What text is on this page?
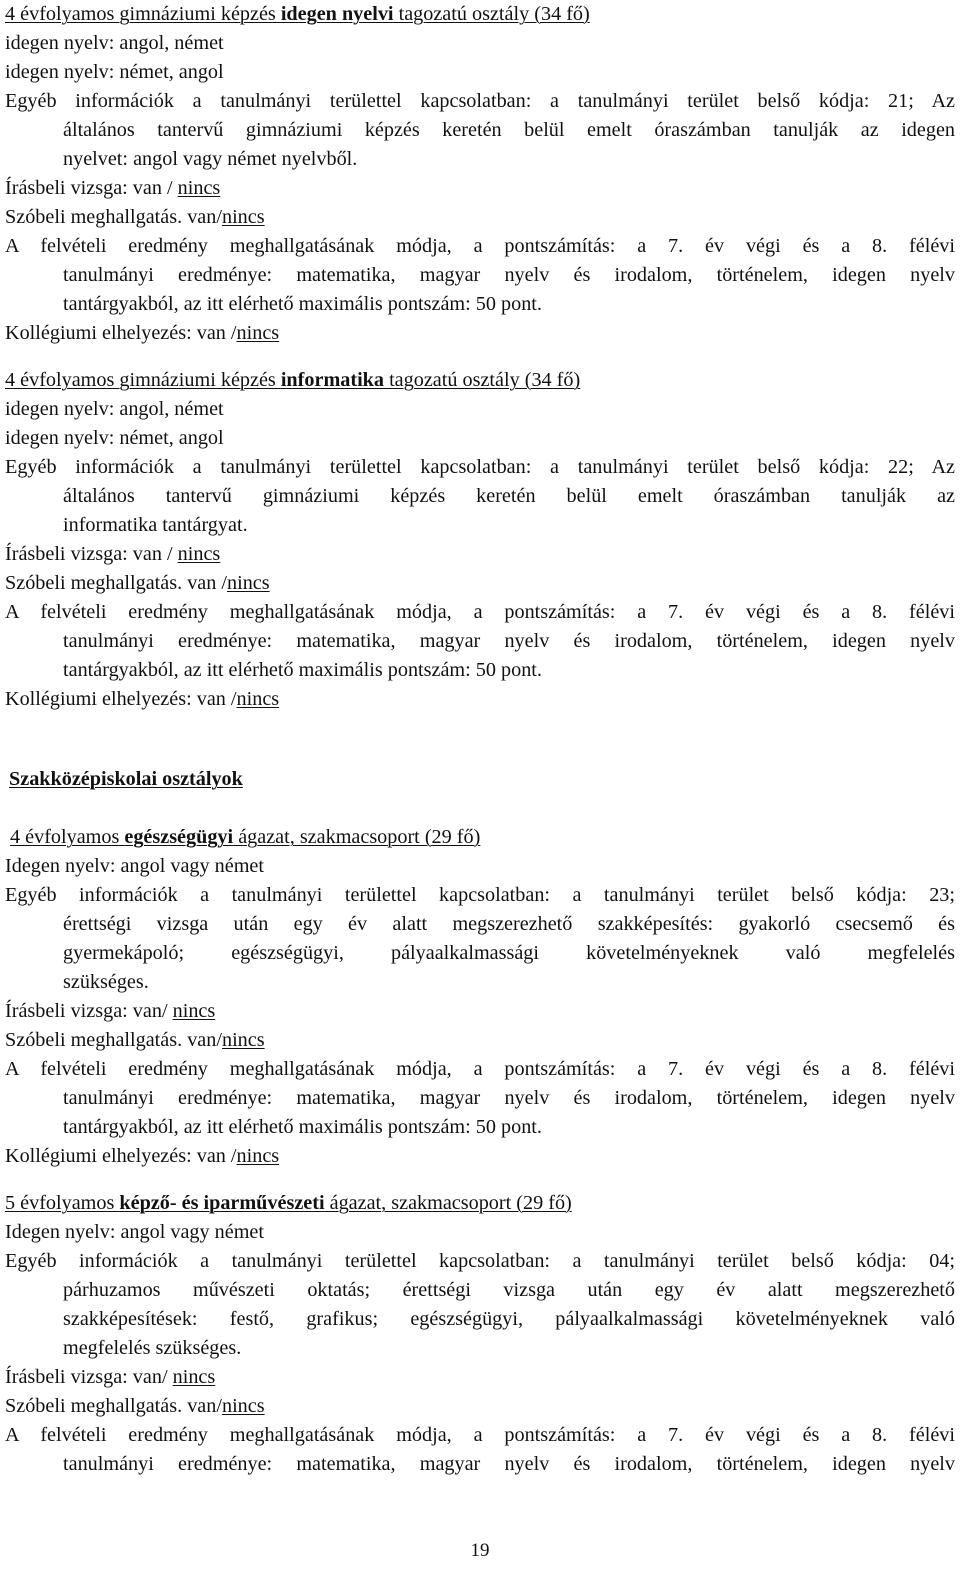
4 évfolyamos gimnáziumi képzés idegen nyelvi tagozatú osztály (34 fő)
idegen nyelv: angol, német
idegen nyelv: német, angol
Egyéb információk a tanulmányi területtel kapcsolatban: a tanulmányi terület belső kódja: 21; Az
általános tantervű gimnáziumi képzés keretén belül emelt óraszámban tanulják az idegen
nyelvet: angol vagy német nyelvből.
Írásbeli vizsga: van / nincs
Szóbeli meghallgatás. van/nincs
A felvételi eredmény meghallgatásának módja, a pontszámítás: a 7. év végi és a 8. félévi
tanulmányi eredménye: matematika, magyar nyelv és irodalom, történelem, idegen nyelv
tantárgyakból, az itt elérhető maximális pontszám: 50 pont.
Kollégiumi elhelyezés: van /nincs
4 évfolyamos gimnáziumi képzés informatika tagozatú osztály (34 fő)
idegen nyelv: angol, német
idegen nyelv: német, angol
Egyéb információk a tanulmányi területtel kapcsolatban: a tanulmányi terület belső kódja: 22; Az
általános tantervű gimnáziumi képzés keretén belül emelt óraszámban tanulják az
informatika tantárgyat.
Írásbeli vizsga: van / nincs
Szóbeli meghallgatás. van /nincs
A felvételi eredmény meghallgatásának módja, a pontszámítás: a 7. év végi és a 8. félévi
tanulmányi eredménye: matematika, magyar nyelv és irodalom, történelem, idegen nyelv
tantárgyakból, az itt elérhető maximális pontszám: 50 pont.
Kollégiumi elhelyezés: van /nincs
Szakközépiskolai osztályok
4 évfolyamos egészségügyi ágazat, szakmacsoport (29 fő)
Idegen nyelv: angol vagy német
Egyéb információk a tanulmányi területtel kapcsolatban: a tanulmányi terület belső kódja: 23;
érettségi vizsga után egy év alatt megszerezhető szakképesítés: gyakorló csecsemő és
gyermekápoló; egészségügyi, pályaalkalmassági követelményeknek való megfelelés
szükséges.
Írásbeli vizsga: van/ nincs
Szóbeli meghallgatás. van/nincs
A felvételi eredmény meghallgatásának módja, a pontszámítás: a 7. év végi és a 8. félévi
tanulmányi eredménye: matematika, magyar nyelv és irodalom, történelem, idegen nyelv
tantárgyakból, az itt elérhető maximális pontszám: 50 pont.
Kollégiumi elhelyezés: van /nincs
5 évfolyamos képző- és iparművészeti ágazat, szakmacsoport (29 fő)
Idegen nyelv: angol vagy német
Egyéb információk a tanulmányi területtel kapcsolatban: a tanulmányi terület belső kódja: 04;
párhuzamos művészeti oktatás; érettségi vizsga után egy év alatt megszerezhető
szakképesítések: festő, grafikus; egészségügyi, pályaalkalmassági követelményeknek való
megfelelés szükséges.
Írásbeli vizsga: van/ nincs
Szóbeli meghallgatás. van/nincs
A felvételi eredmény meghallgatásának módja, a pontszámítás: a 7. év végi és a 8. félévi
tanulmányi eredménye: matematika, magyar nyelv és irodalom, történelem, idegen nyelv
19
